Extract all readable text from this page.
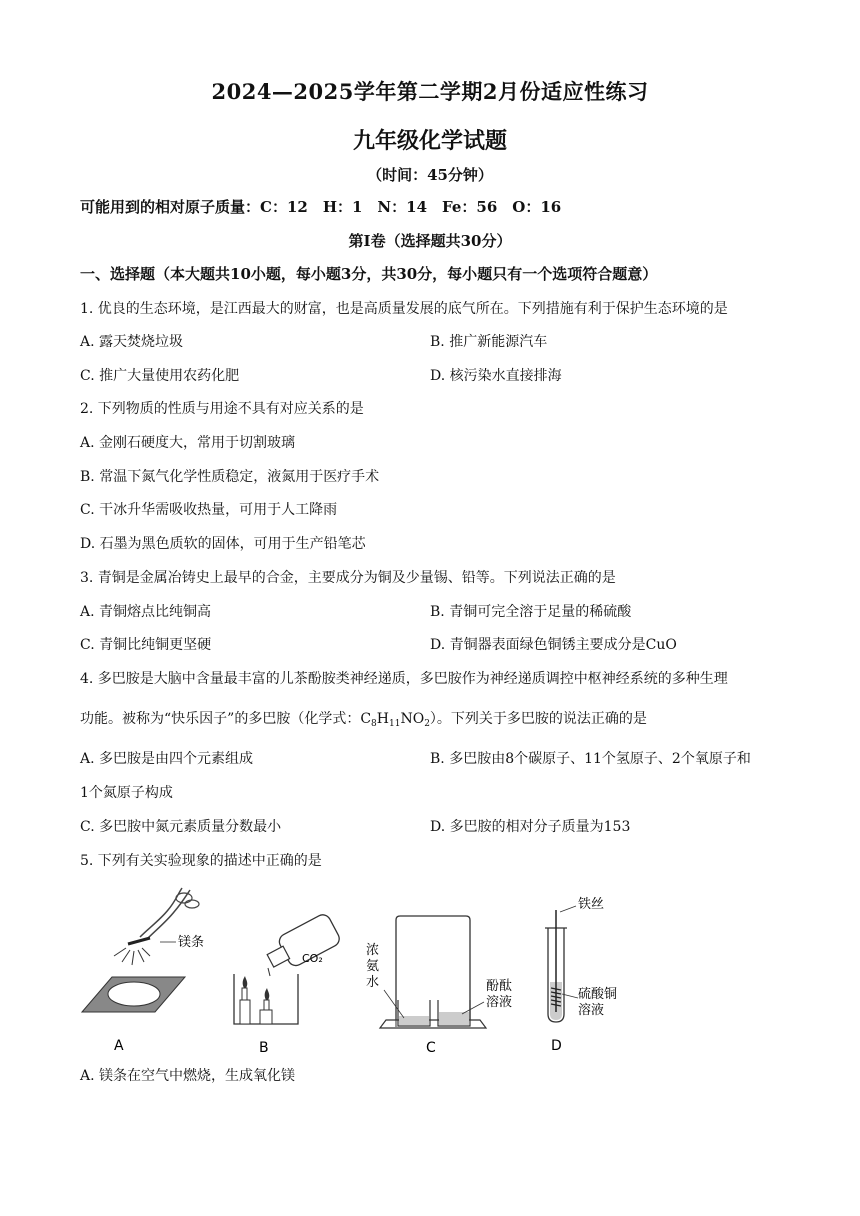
2024—2025学年第二学期2月份适应性练习
九年级化学试题
（时间：45分钟）
可能用到的相对原子质量：C：12　H：1　N：14　Fe：56　O：16
第Ⅰ卷（选择题共30分）
一、选择题（本大题共10小题，每小题3分，共30分，每小题只有一个选项符合题意）
1. 优良的生态环境，是江西最大的财富，也是高质量发展的底气所在。下列措施有利于保护生态环境的是
A. 露天焚烧垃圾	B. 推广新能源汽车
C. 推广大量使用农药化肥	D. 核污染水直接排海
2. 下列物质的性质与用途不具有对应关系的是
A. 金刚石硬度大，常用于切割玻璃
B. 常温下氮气化学性质稳定，液氮用于医疗手术
C. 干冰升华需吸收热量，可用于人工降雨
D. 石墨为黑色质软的固体，可用于生产铅笔芯
3. 青铜是金属冶铸史上最早的合金，主要成分为铜及少量锡、铅等。下列说法正确的是
A. 青铜熔点比纯铜高	B. 青铜可完全溶于足量的稀硫酸
C. 青铜比纯铜更坚硬	D. 青铜器表面绿色铜锈主要成分是CuO
4. 多巴胺是大脑中含量最丰富的儿茶酚胺类神经递质，多巴胺作为神经递质调控中枢神经系统的多种生理
功能。被称为“快乐因子”的多巴胺（化学式：$C_8H_{11}NO_2$）。下列关于多巴胺的说法正确的是
A. 多巴胺是由四个元素组成	B. 多巴胺由8个碳原子、11个氢原子、2个氧原子和
1个氮原子构成
C. 多巴胺中氮元素质量分数最小	D. 多巴胺的相对分子质量为153
5. 下列有关实验现象的描述中正确的是
镁条
A
CO₂
B
浓
氨
水	酚酞
溶液
C
铁丝
硫酸铜
溶液
D
A. 镁条在空气中燃烧，生成氧化镁
